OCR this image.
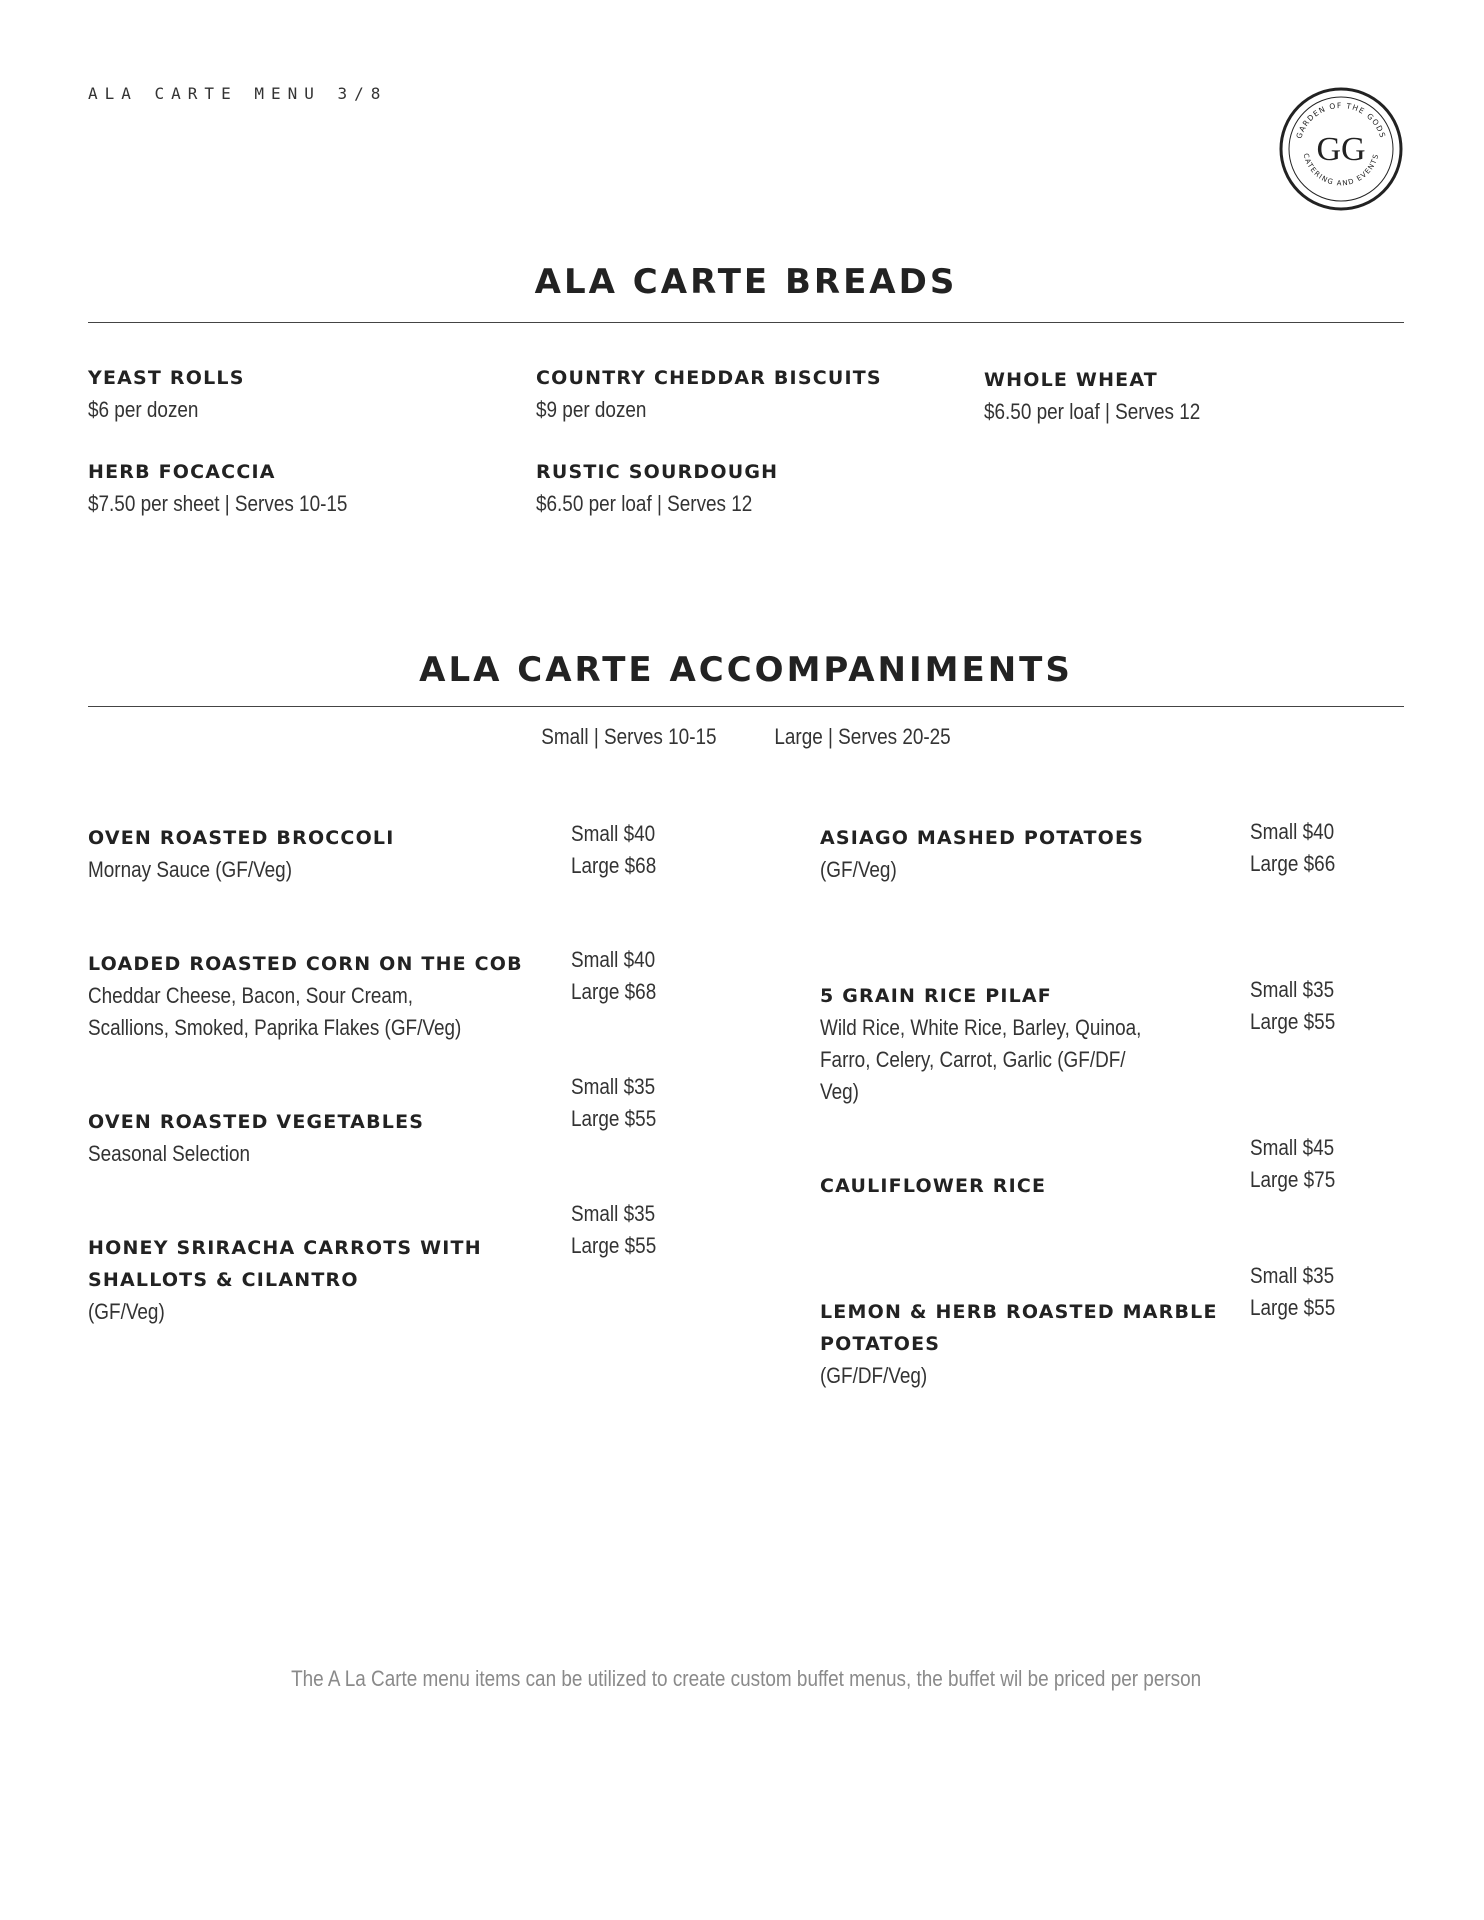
ALA CARTE MENU 3/8
GARDEN OF THE GODS
CATERING AND EVENTS
GG
ALA CARTE BREADS
YEAST ROLLS
$6 per dozen
COUNTRY CHEDDAR BISCUITS
$9 per dozen
WHOLE WHEAT
$6.50 per loaf | Serves 12
HERB FOCACCIA
$7.50 per sheet | Serves 10-15
RUSTIC SOURDOUGH
$6.50 per loaf | Serves 12
ALA CARTE ACCOMPANIMENTS
Small | Serves 10-15	Large | Serves 20-25
OVEN ROASTED BROCCOLI
Mornay Sauce (GF/Veg)
Small $40
Large $68
LOADED ROASTED CORN ON THE COB
Cheddar Cheese, Bacon, Sour Cream,
Scallions, Smoked, Paprika Flakes (GF/Veg)
Small $40
Large $68
OVEN ROASTED VEGETABLES
Seasonal Selection
Small $35
Large $55
HONEY SRIRACHA CARROTS WITH
SHALLOTS & CILANTRO
(GF/Veg)
Small $35
Large $55
ASIAGO MASHED POTATOES
(GF/Veg)
Small $40
Large $66
5 GRAIN RICE PILAF
Wild Rice, White Rice, Barley, Quinoa,
Farro, Celery, Carrot, Garlic (GF/DF/
Veg)
Small $35
Large $55
CAULIFLOWER RICE
Small $45
Large $75
LEMON & HERB ROASTED MARBLE
POTATOES
(GF/DF/Veg)
Small $35
Large $55
The A La Carte menu items can be utilized to create custom buffet menus, the buffet wil be priced per person
